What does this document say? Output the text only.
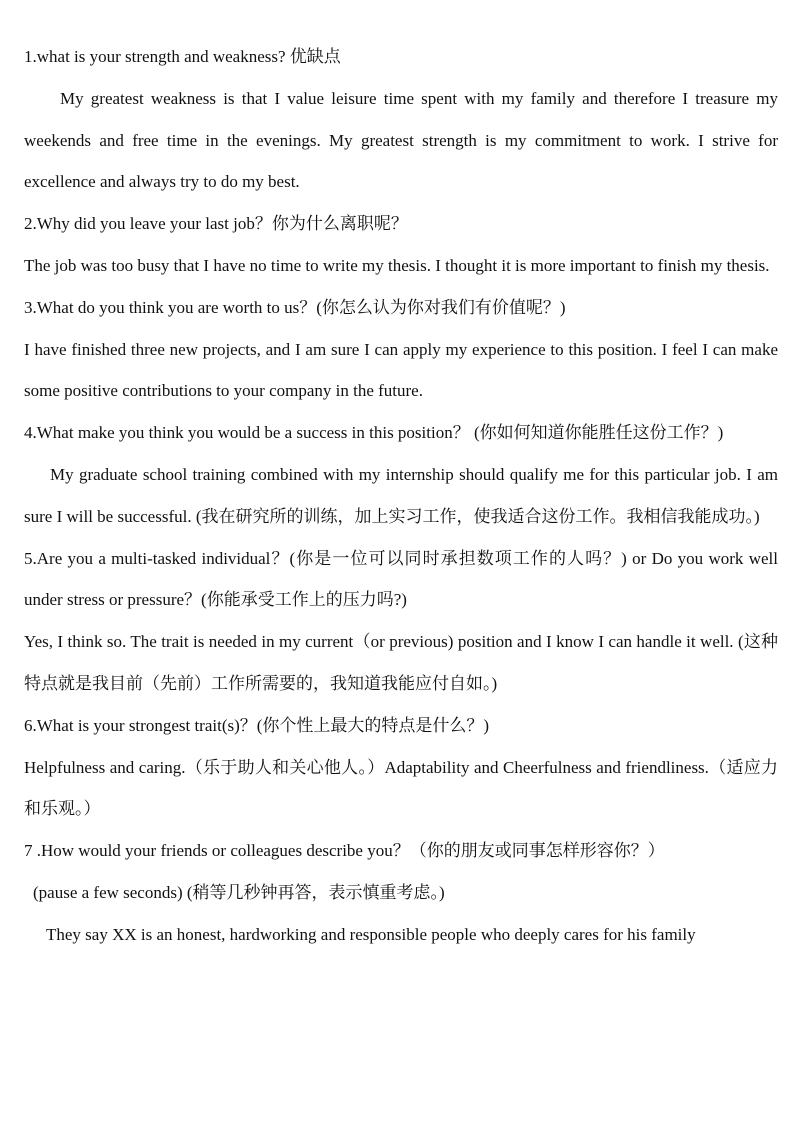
1.what is your strength and weakness? 优缺点

My greatest weakness is that I value leisure time spent with my family and therefore I treasure my weekends and free time in the evenings. My greatest strength is my commitment to work. I strive for excellence and always try to do my best.

2.Why did you leave your last job？你为什么离职呢？

The job was too busy that I have no time to write my thesis. I thought it is more important to finish my thesis.

3.What do you think you are worth to us？(你怎么认为你对我们有价值呢？)

I have finished three new projects, and I am sure I can apply my experience to this position. I feel I can make some positive contributions to your company in the future.

4.What make you think you would be a success in this position？ (你如何知道你能胜任这份工作？)

My graduate school training combined with my internship should qualify me for this particular job. I am sure I will be successful. (我在研究所的训练，加上实习工作，使我适合这份工作。我相信我能成功。)

5.Are you a multi-tasked individual？(你是一位可以同时承担数项工作的人吗？) or Do you work well under stress or pressure？(你能承受工作上的压力吗?)

Yes, I think so. The trait is needed in my current（or previous) position and I know I can handle it well. (这种特点就是我目前（先前）工作所需要的，我知道我能应付自如。)

6.What is your strongest trait(s)？(你个性上最大的特点是什么？)

Helpfulness and caring.（乐于助人和关心他人。）Adaptability and Cheerfulness and friendliness.（适应力和乐观。）

7 .How would your friends or colleagues describe you？（你的朋友或同事怎样形容你？）

(pause a few seconds) (稍等几秒钟再答，表示慎重考虑。)

They say XX is an honest, hardworking and responsible people who deeply cares for his family
